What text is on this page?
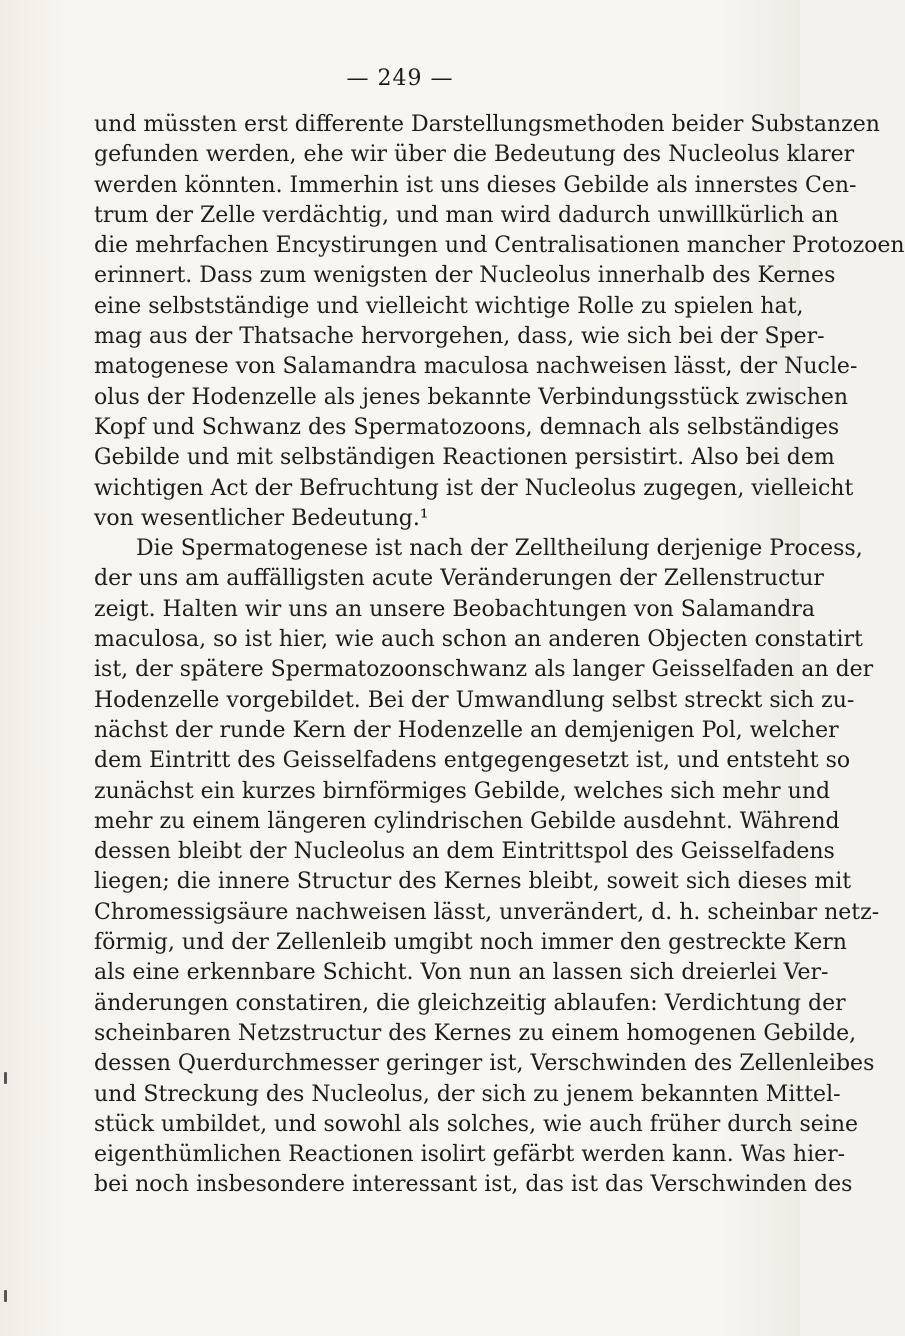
— 249 —
und müssten erst differente Darstellungsmethoden beider Substanzen
gefunden werden, ehe wir über die Bedeutung des Nucleolus klarer
werden könnten. Immerhin ist uns dieses Gebilde als innerstes Cen-
trum der Zelle verdächtig, und man wird dadurch unwillkürlich an
die mehrfachen Encystirungen und Centralisationen mancher Protozoen
erinnert. Dass zum wenigsten der Nucleolus innerhalb des Kernes
eine selbstständige und vielleicht wichtige Rolle zu spielen hat,
mag aus der Thatsache hervorgehen, dass, wie sich bei der Sper-
matogenese von Salamandra maculosa nachweisen lässt, der Nucle-
olus der Hodenzelle als jenes bekannte Verbindungsstück zwischen
Kopf und Schwanz des Spermatozoons, demnach als selbständiges
Gebilde und mit selbständigen Reactionen persistirt. Also bei dem
wichtigen Act der Befruchtung ist der Nucleolus zugegen, vielleicht
von wesentlicher Bedeutung.¹
Die Spermatogenese ist nach der Zelltheilung derjenige Process,
der uns am auffälligsten acute Veränderungen der Zellenstructur
zeigt. Halten wir uns an unsere Beobachtungen von Salamandra
maculosa, so ist hier, wie auch schon an anderen Objecten constatirt
ist, der spätere Spermatozoonschwanz als langer Geisselfaden an der
Hodenzelle vorgebildet. Bei der Umwandlung selbst streckt sich zu-
nächst der runde Kern der Hodenzelle an demjenigen Pol, welcher
dem Eintritt des Geisselfadens entgegengesetzt ist, und entsteht so
zunächst ein kurzes birnförmiges Gebilde, welches sich mehr und
mehr zu einem längeren cylindrischen Gebilde ausdehnt. Während
dessen bleibt der Nucleolus an dem Eintrittspol des Geisselfadens
liegen; die innere Structur des Kernes bleibt, soweit sich dieses mit
Chromessigsäure nachweisen lässt, unverändert, d. h. scheinbar netz-
förmig, und der Zellenleib umgibt noch immer den gestreckte Kern
als eine erkennbare Schicht. Von nun an lassen sich dreierlei Ver-
änderungen constatiren, die gleichzeitig ablaufen: Verdichtung der
scheinbaren Netzstructur des Kernes zu einem homogenen Gebilde,
dessen Querdurchmesser geringer ist, Verschwinden des Zellenleibes
und Streckung des Nucleolus, der sich zu jenem bekannten Mittel-
stück umbildet, und sowohl als solches, wie auch früher durch seine
eigenthümlichen Reactionen isolirt gefärbt werden kann. Was hier-
bei noch insbesondere interessant ist, das ist das Verschwinden des
